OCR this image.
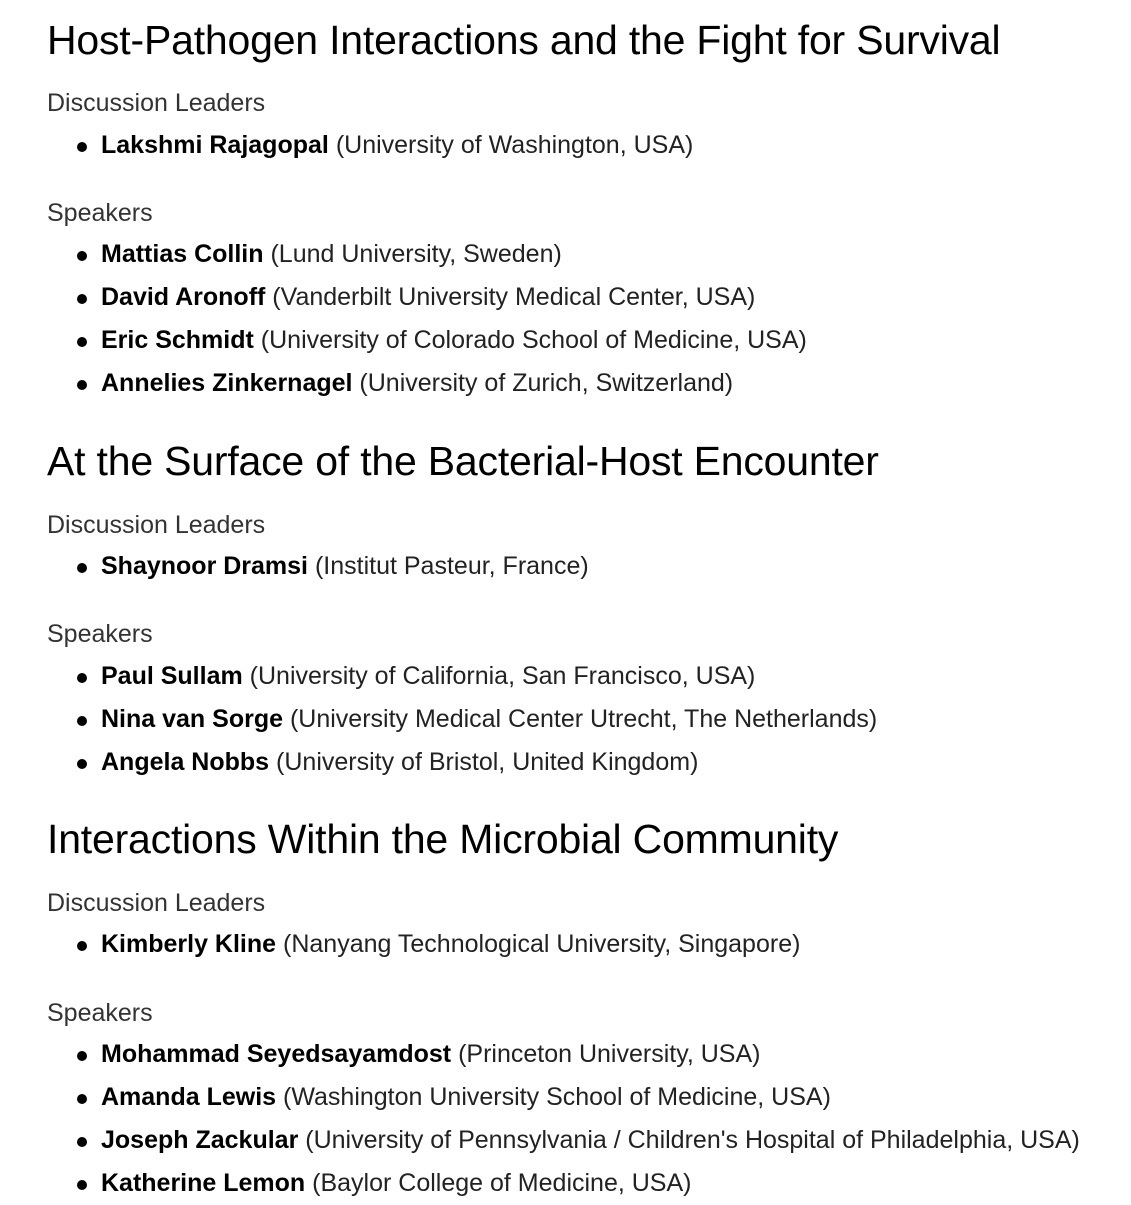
Host-Pathogen Interactions and the Fight for Survival
Discussion Leaders
Lakshmi Rajagopal (University of Washington, USA)
Speakers
Mattias Collin (Lund University, Sweden)
David Aronoff (Vanderbilt University Medical Center, USA)
Eric Schmidt (University of Colorado School of Medicine, USA)
Annelies Zinkernagel (University of Zurich, Switzerland)
At the Surface of the Bacterial-Host Encounter
Discussion Leaders
Shaynoor Dramsi (Institut Pasteur, France)
Speakers
Paul Sullam (University of California, San Francisco, USA)
Nina van Sorge (University Medical Center Utrecht, The Netherlands)
Angela Nobbs (University of Bristol, United Kingdom)
Interactions Within the Microbial Community
Discussion Leaders
Kimberly Kline (Nanyang Technological University, Singapore)
Speakers
Mohammad Seyedsayamdost (Princeton University, USA)
Amanda Lewis (Washington University School of Medicine, USA)
Joseph Zackular (University of Pennsylvania / Children's Hospital of Philadelphia, USA)
Katherine Lemon (Baylor College of Medicine, USA)
